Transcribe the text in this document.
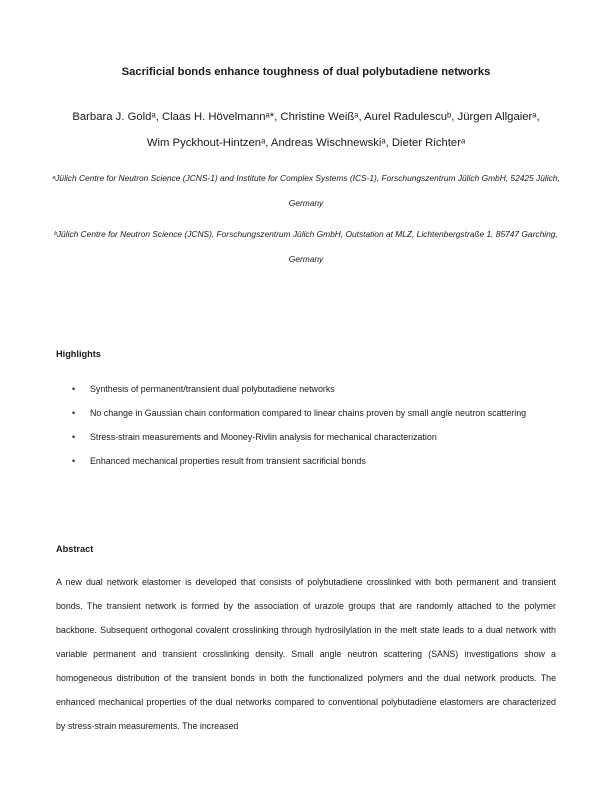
Sacrificial bonds enhance toughness of dual polybutadiene networks

Barbara J. Goldᵃ, Claas H. Hövelmannᵃ*, Christine Weißᵃ, Aurel Radulescuᵇ, Jürgen Allgaierᵃ,
Wim Pyckhout-Hintzenᵃ, Andreas Wischnewskiᵃ, Dieter Richterᵃ

ᵃJülich Centre for Neutron Science (JCNS-1) and Institute for Complex Systems (ICS-1), Forschungszentrum Jülich GmbH, 52425 Jülich, Germany

ᵇJülich Centre for Neutron Science (JCNS), Forschungszentrum Jülich GmbH, Outstation at MLZ, Lichtenbergstraße 1, 85747 Garching, Germany

Highlights
• Synthesis of permanent/transient dual polybutadiene networks
• No change in Gaussian chain conformation compared to linear chains proven by small angle neutron scattering
• Stress-strain measurements and Mooney-Rivlin analysis for mechanical characterization
• Enhanced mechanical properties result from transient sacrificial bonds
Abstract

A new dual network elastomer is developed that consists of polybutadiene crosslinked with both permanent and transient bonds. The transient network is formed by the association of urazole groups that are randomly attached to the polymer backbone. Subsequent orthogonal covalent crosslinking through hydrosilylation in the melt state leads to a dual network with variable permanent and transient crosslinking density. Small angle neutron scattering (SANS) investigations show a homogeneous distribution of the transient bonds in both the functionalized polymers and the dual network products. The enhanced mechanical properties of the dual networks compared to conventional polybutadiene elastomers are characterized by stress-strain measurements. The increased
